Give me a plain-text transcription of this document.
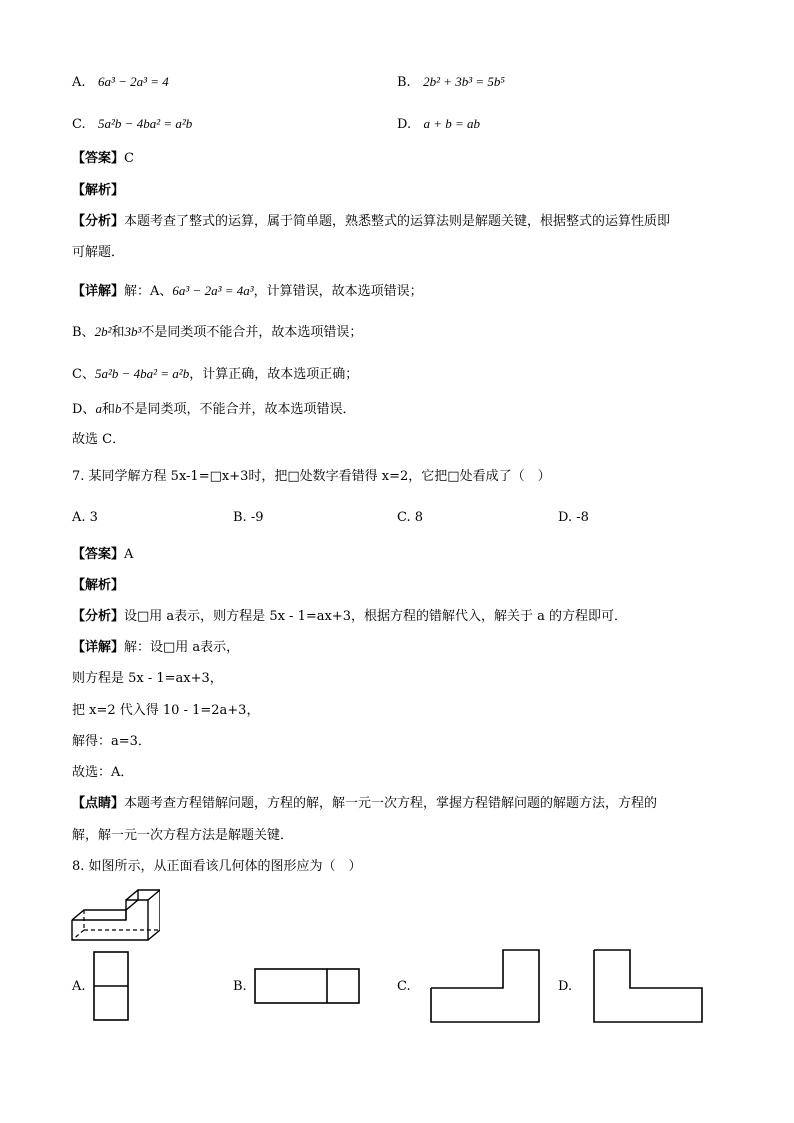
A. 6a³ − 2a³ = 4	B. 2b² + 3b³ = 5b⁵
C. 5a²b − 4ba² = a²b	D. a + b = ab
【答案】C
【解析】
【分析】本题考查了整式的运算，属于简单题，熟悉整式的运算法则是解题关键，根据整式的运算性质即
可解题．
【详解】解：A、6a³ − 2a³ = 4a³，计算错误，故本选项错误；
B、2b²和3b³不是同类项不能合并，故本选项错误；
C、5a²b − 4ba² = a²b，计算正确，故本选项正确；
D、a和b不是同类项，不能合并，故本选项错误．
故选 C．
7. 某同学解方程 5x-1=□x+3时，把□处数字看错得 x=2，它把□处看成了（　）
A. 3	B. -9	C. 8	D. -8
【答案】A
【解析】
【分析】设□用 a表示，则方程是 5x - 1=ax+3，根据方程的错解代入，解关于 a 的方程即可．
【详解】解：设□用 a表示，
则方程是 5x - 1=ax+3，
把 x=2 代入得 10 - 1=2a+3，
解得：a=3．
故选：A．
【点睛】本题考查方程错解问题，方程的解，解一元一次方程，掌握方程错解问题的解题方法，方程的
解，解一元一次方程方法是解题关键．
8. 如图所示，从正面看该几何体的图形应为（　）
A.	B.	C.	D.
